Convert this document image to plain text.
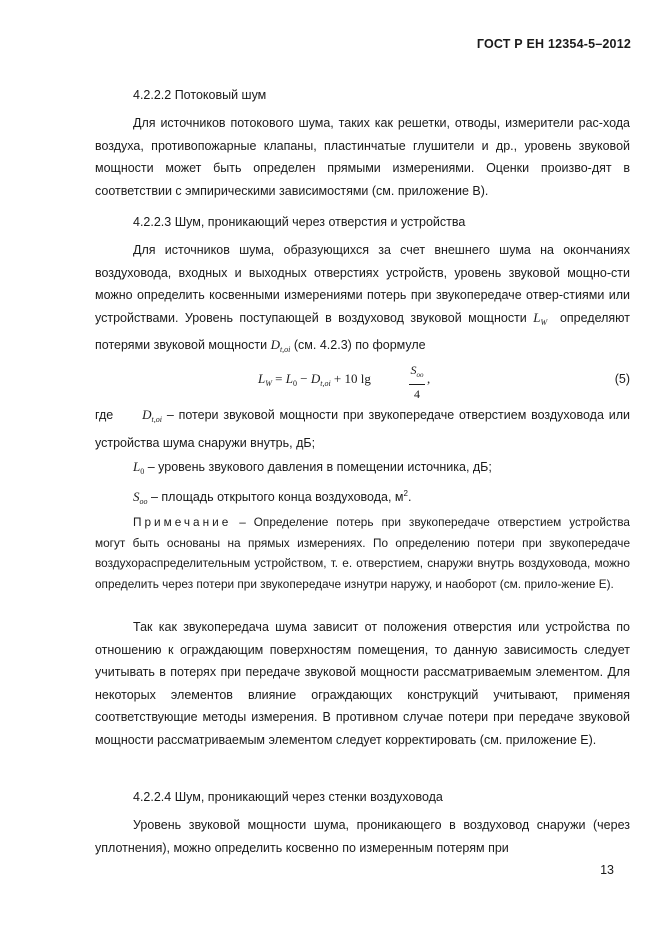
ГОСТ Р ЕН 12354-5–2012
4.2.2.2 Потоковый шум
Для источников потокового шума, таких как решетки, отводы, измерители рас-хода воздуха, противопожарные клапаны, пластинчатые глушители и др., уровень звуковой мощности может быть определен прямыми измерениями. Оценки произво-дят в соответствии с эмпирическими зависимостями (см. приложение В).
4.2.2.3 Шум, проникающий через отверстия и устройства
Для источников шума, образующихся за счет внешнего шума на окончаниях воздуховода, входных и выходных отверстиях устройств, уровень звуковой мощно-сти можно определить косвенными измерениями потерь при звукопередаче отвер-стиями или устройствами. Уровень поступающей в воздуховод звуковой мощности $L_W$ определяют потерями звуковой мощности $D_{t,oi}$ (см. 4.2.3) по формуле
$L_W = L_0 - D_{t,oi} + 10$ lg
$S_{oo}$
4
,	(5)
где $D_{t,oi}$ – потери звуковой мощности при звукопередаче отверстием воздуховода или устройства шума снаружи внутрь, дБ;
$L_0$ – уровень звукового давления в помещении источника, дБ;
$S_{oo}$ – площадь открытого конца воздуховода, $м^2$.
Примечание – Определение потерь при звукопередаче отверстием устройства могут быть основаны на прямых измерениях. По определению потери при звукопередаче воздухораспределительным устройством, т. е. отверстием, снаружи внутрь воздуховода, можно определить через потери при звукопередаче изнутри наружу, и наоборот (см. прило-жение Е).
Так как звукопередача шума зависит от положения отверстия или устройства по отношению к ограждающим поверхностям помещения, то данную зависимость следует учитывать в потерях при передаче звуковой мощности рассматриваемым элементом. Для некоторых элементов влияние ограждающих конструкций учитывают, применяя соответствующие методы измерения. В противном случае потери при передаче звуковой мощности рассматриваемым элементом следует корректировать (см. приложение Е).
4.2.2.4 Шум, проникающий через стенки воздуховода
Уровень звуковой мощности шума, проникающего в воздуховод снаружи (через уплотнения), можно определить косвенно по измеренным потерям при
13
